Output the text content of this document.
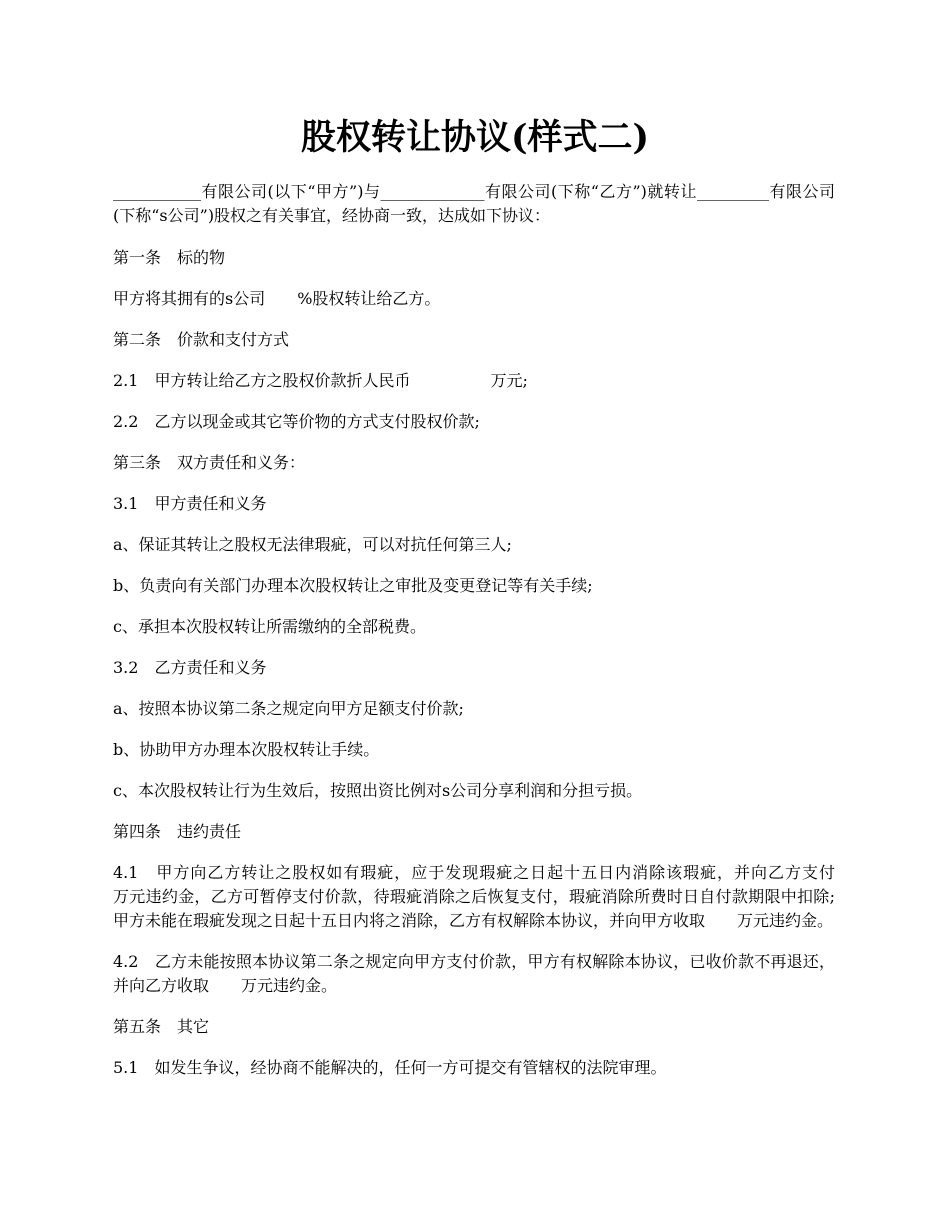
股权转让协议(样式二)

___________有限公司(以下“甲方”)与_____________有限公司(下称“乙方”)就转让_________有限公司(下称“s公司”)股权之有关事宜，经协商一致，达成如下协议：

第一条　标的物

甲方将其拥有的s公司　　%股权转让给乙方。

第二条　价款和支付方式

2.1　甲方转让给乙方之股权价款折人民币　　　　　万元;

2.2　乙方以现金或其它等价物的方式支付股权价款;

第三条　双方责任和义务：

3.1　甲方责任和义务

a、保证其转让之股权无法律瑕疵，可以对抗任何第三人;

b、负责向有关部门办理本次股权转让之审批及变更登记等有关手续;

c、承担本次股权转让所需缴纳的全部税费。

3.2　乙方责任和义务

a、按照本协议第二条之规定向甲方足额支付价款;

b、协助甲方办理本次股权转让手续。

c、本次股权转让行为生效后，按照出资比例对s公司分享利润和分担亏损。

第四条　违约责任

4.1　甲方向乙方转让之股权如有瑕疵，应于发现瑕疵之日起十五日内消除该瑕疵，并向乙方支付　　万元违约金，乙方可暂停支付价款，待瑕疵消除之后恢复支付，瑕疵消除所费时日自付款期限中扣除;甲方未能在瑕疵发现之日起十五日内将之消除，乙方有权解除本协议，并向甲方收取　　万元违约金。

4.2　乙方未能按照本协议第二条之规定向甲方支付价款，甲方有权解除本协议，已收价款不再退还，并向乙方收取　　万元违约金。

第五条　其它

5.1　如发生争议，经协商不能解决的，任何一方可提交有管辖权的法院审理。
